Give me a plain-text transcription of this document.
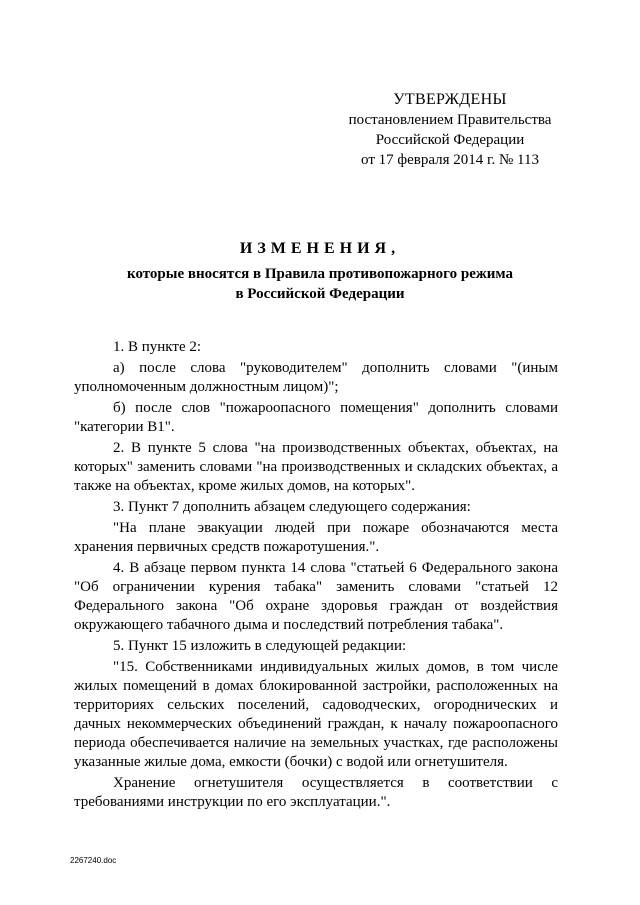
УТВЕРЖДЕНЫ
постановлением Правительства
Российской Федерации
от 17 февраля 2014 г. № 113
ИЗМЕНЕНИЯ,
которые вносятся в Правила противопожарного режима
в Российской Федерации
1. В пункте 2:
а) после слова "руководителем" дополнить словами "(иным уполномоченным должностным лицом)";
б) после слов "пожароопасного помещения" дополнить словами "категории В1".
2. В пункте 5 слова "на производственных объектах, объектах, на которых" заменить словами "на производственных и складских объектах, а также на объектах, кроме жилых домов, на которых".
3. Пункт 7 дополнить абзацем следующего содержания:
"На плане эвакуации людей при пожаре обозначаются места хранения первичных средств пожаротушения.".
4. В абзаце первом пункта 14 слова "статьей 6 Федерального закона "Об ограничении курения табака" заменить словами "статьей 12 Федерального закона "Об охране здоровья граждан от воздействия окружающего табачного дыма и последствий потребления табака".
5. Пункт 15 изложить в следующей редакции:
"15. Собственниками индивидуальных жилых домов, в том числе жилых помещений в домах блокированной застройки, расположенных на территориях сельских поселений, садоводческих, огороднических и дачных некоммерческих объединений граждан, к началу пожароопасного периода обеспечивается наличие на земельных участках, где расположены указанные жилые дома, емкости (бочки) с водой или огнетушителя.
Хранение огнетушителя осуществляется в соответствии с требованиями инструкции по его эксплуатации.".
2267240.doc
